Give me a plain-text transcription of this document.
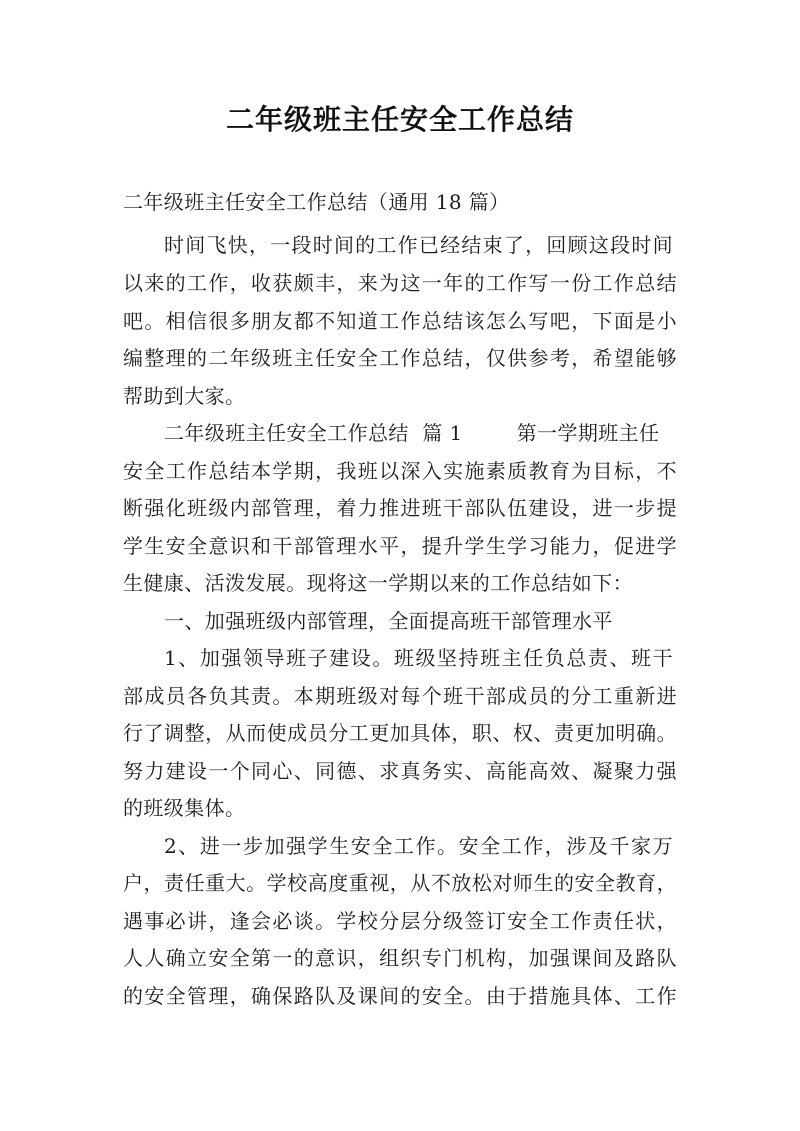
二年级班主任安全工作总结
二年级班主任安全工作总结（通用 18 篇）
时间飞快，一段时间的工作已经结束了，回顾这段时间
以来的工作，收获颇丰，来为这一年的工作写一份工作总结
吧。相信很多朋友都不知道工作总结该怎么写吧，下面是小
编整理的二年级班主任安全工作总结，仅供参考，希望能够
帮助到大家。
二年级班主任安全工作总结  篇 1        第一学期班主任
安全工作总结本学期，我班以深入实施素质教育为目标，不
断强化班级内部管理，着力推进班干部队伍建设，进一步提
学生安全意识和干部管理水平，提升学生学习能力，促进学
生健康、活泼发展。现将这一学期以来的工作总结如下：
一、加强班级内部管理，全面提高班干部管理水平
1、加强领导班子建设。班级坚持班主任负总责、班干
部成员各负其责。本期班级对每个班干部成员的分工重新进
行了调整，从而使成员分工更加具体，职、权、责更加明确。
努力建设一个同心、同德、求真务实、高能高效、凝聚力强
的班级集体。
2、进一步加强学生安全工作。安全工作，涉及千家万
户，责任重大。学校高度重视，从不放松对师生的安全教育，
遇事必讲，逢会必谈。学校分层分级签订安全工作责任状，
人人确立安全第一的意识，组织专门机构，加强课间及路队
的安全管理，确保路队及课间的安全。由于措施具体、工作
